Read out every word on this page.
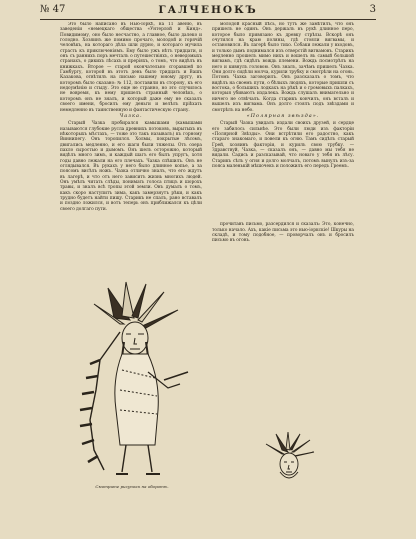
№ 47	ГАЛЧЕНОКЪ	3

Это было написано въ Нью-Іоркѣ, на 11 авеню, въ заведеніи «немецкаго общества «Унтерлой и Кинд». Повидимому, оно было несчастно, а главное, было далеко и голодно. Хозяинъ же помимо прочаго, молодой и горячій человѣкъ, на котораго дѣла шли дурно, и котораго мучила страсть къ приключеніямъ. Ему было ужъ нѣтъ тридцати, и онъ съ раннихъ поръ мечталъ о путешествіяхъ, о неведомыхъ странахъ, о дикихъ лѣсахъ и прерiяхъ, о томъ, что видѣлъ въ книжкахъ. Второе — старой окончательно сгоравшей по Гамбургу, которой въ этотъ день было тридцать и Вашъ Казакова, отвѣтилъ на письмо нашему юному другу, въ которомъ было сказано: № 112, поставили въ сторону, къ его недоумѣнію и стыду. Это еще не странно, но это случилось не вовремя, къ нему пришелъ странный человѣкъ, о которомъ онъ не зналъ, и который даже ему не сказалъ своего имени, бросилъ ему деньги и велѣлъ пріѣхать немедленно въ таинственную и фантастическую страну.

Чазка.

Старый Чазка пробирался камышами (камышами называются глубокие русла древнихъ потоковъ, вырытыхъ въ нѣкоторыхъ мѣстахъ, — тоже это такъ называлъ) къ горному Виннипегу. Онъ торопился. Холмы, покрытые лѣсомъ, двигались медленно, и его шаги были тяжелы. Отъ озера пахло сыростью и дымомъ. Онъ шелъ осторожно, который видѣлъ много зимъ, и каждый шагъ его былъ упругъ, хотя годы давно лежали на его плечахъ. Чазка спѣшилъ. Онъ не оглядывался. Въ рукахъ у него было длинное копье, а за поясомъ висѣлъ ножъ. Чазка отлично зналъ, что его ждутъ въ лагерѣ, и что отъ него зависитъ жизнь многихъ людей. Онъ умѣлъ читать слѣды, понимать голоса птицъ и шорохъ травы, и зналъ всѣ тропы этой земли. Онъ думалъ о томъ, какъ скоро наступитъ зима, какъ замерзнутъ рѣки, и какъ трудно будетъ найти пищу. Старикъ не спалъ, рано вставалъ и поздно ложился, и вотъ теперь онъ приближался къ цѣли своего долгаго пути.

молодой красный пѣсь, но тутъ же замѣтилъ, что онъ пришелъ не одинъ. Онъ держалъ въ рукѣ длинное перо, которое было привязано къ древку стрѣлы. Вскорѣ онъ очутился на краю поляны, гдѣ стояли вигвамы, и остановился. Въ лагерѣ было тихо. Собаки лежали у входовъ, и только дымъ поднимался изъ отверстій вигвамовъ. Старикъ медленно прошелъ мимо нихъ и вошелъ въ самый большой вигвамъ, гдѣ сидѣлъ вождь племени. Вождь посмотрѣлъ на него и кивнулъ головою. Онъ зналъ, зачѣмъ пришелъ Чазка. Они долго сидѣли молча, курили трубку и смотрѣли на огонь. Потомъ Чазка заговорилъ. Онъ разсказалъ о томъ, что видѣлъ на своемъ пути, о бѣлыхъ людяхъ, которые пришли съ востока, о большихъ лодкахъ на рѣкѣ и о громовыхъ палкахъ, которыя убиваютъ издалека. Вождь слушалъ внимательно и ничего не отвѣчалъ. Когда старикъ кончилъ, онъ всталъ и вышелъ изъ вигвама. Онъ долго стоялъ подъ звѣздами и смотрѣлъ на небо.

«Полярная звѣзда».

Старый Чазка увидалъ издали своихъ друзей, и сердце его забилось сильнѣе. Это были люди изъ факторіи «Полярной Звѣзды». Они встрѣтили его радостно, какъ стараго знакомаго, и повели къ огню. Тамъ сидѣлъ старый Грей, хозяинъ факторіи, и курилъ свою трубку. — Здравствуй, Чазка, — сказалъ онъ, — давно мы тебя не видали. Садись и разсказывай, что новаго у тебя въ лѣсу. Старикъ сѣлъ у огня и долго молчалъ, потомъ вынулъ изъ-за пояса маленькій мѣшочекъ и положилъ его передъ Греемъ.

прочитавъ письмо, разсердился и сказалъ: Это, конечно, только начало. Ахъ, какіе письма это нью-іоркскіе! Шкуры на складѣ, и тому подобное, — проворчалъ онъ и бросилъ письмо въ огонь.

Смотрите рисунокъ на оборотѣ.
